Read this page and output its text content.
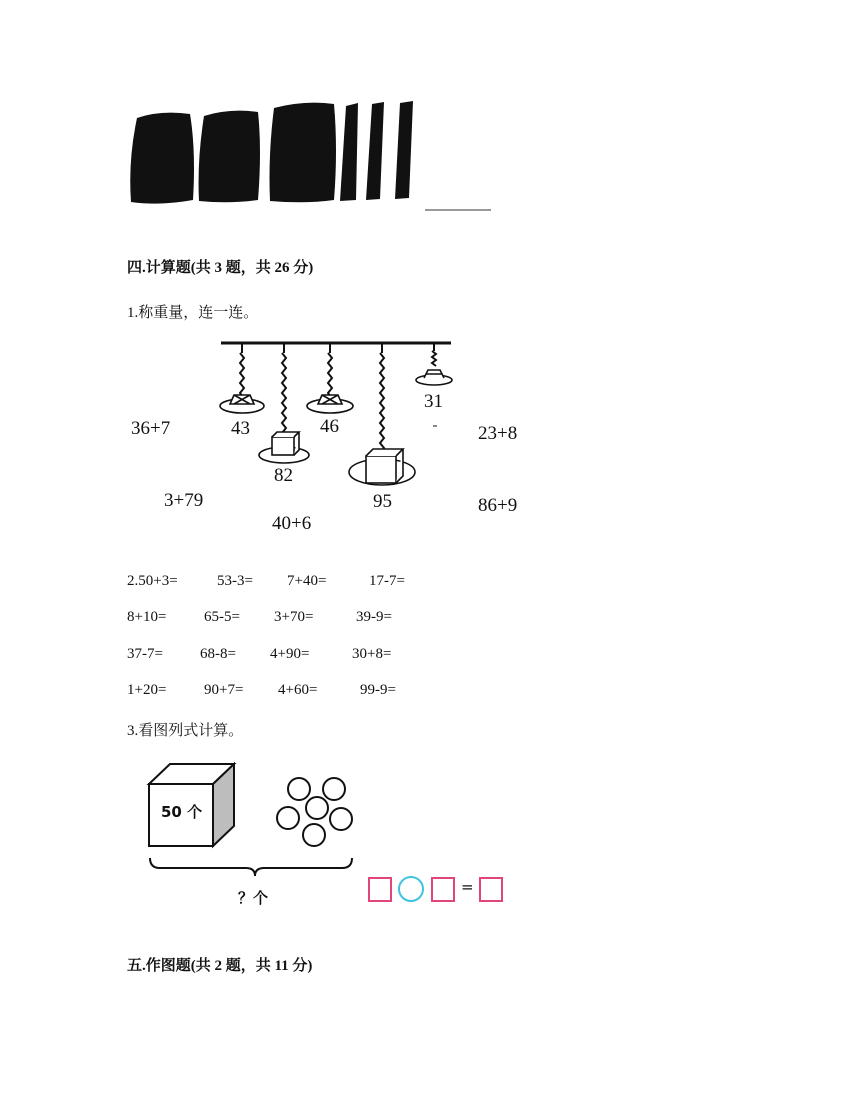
四.计算题(共 3 题，共 26 分)
1.称重量，连一连。
43
82
46
95
31
36+7
3+79
40+6
23+8
86+9
2.50+3=	53-3= 7+40=	17-7=
8+10=	65-5= 3+70=	39-9=
37-7= 68-8= 4+90=	30+8=
1+20=	90+7= 4+60=	99-9=
3.看图列式计算。
50 个
？个
=
五.作图题(共 2 题，共 11 分)
